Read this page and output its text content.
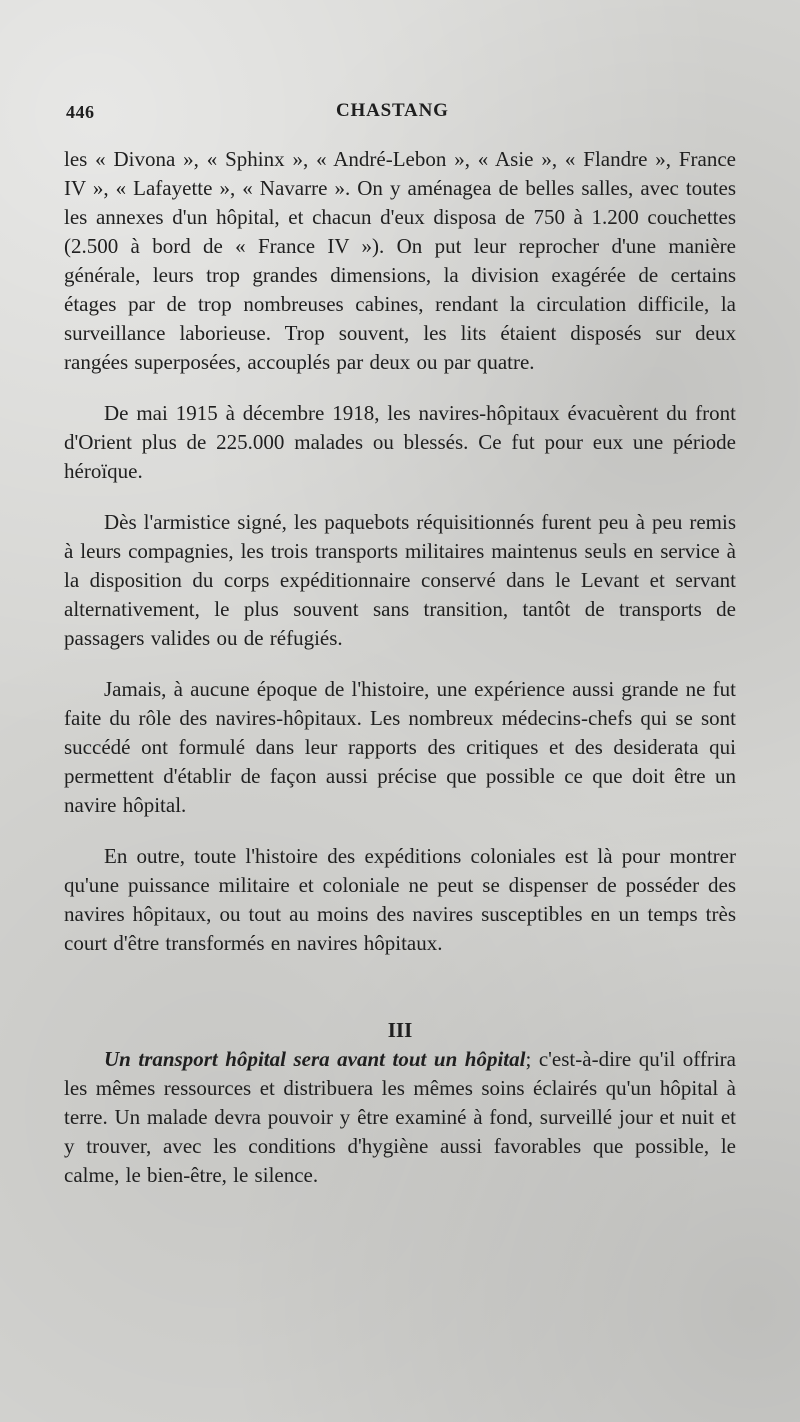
446	CHASTANG

les « Divona », « Sphinx », « André-Lebon », « Asie », « Flandre », France IV », « Lafayette », « Navarre ». On y aménagea de belles salles, avec toutes les annexes d'un hôpital, et chacun d'eux disposa de 750 à 1.200 couchettes (2.500 à bord de « France IV »). On put leur reprocher d'une manière générale, leurs trop grandes dimensions, la division exagérée de certains étages par de trop nombreuses cabines, rendant la circulation difficile, la surveillance laborieuse. Trop souvent, les lits étaient disposés sur deux rangées superposées, accouplés par deux ou par quatre.

De mai 1915 à décembre 1918, les navires-hôpitaux évacuèrent du front d'Orient plus de 225.000 malades ou blessés. Ce fut pour eux une période héroïque.

Dès l'armistice signé, les paquebots réquisitionnés furent peu à peu remis à leurs compagnies, les trois transports militaires maintenus seuls en service à la disposition du corps expéditionnaire conservé dans le Levant et servant alternativement, le plus souvent sans transition, tantôt de transports de passagers valides ou de réfugiés.

Jamais, à aucune époque de l'histoire, une expérience aussi grande ne fut faite du rôle des navires-hôpitaux. Les nombreux médecins-chefs qui se sont succédé ont formulé dans leur rapports des critiques et des desiderata qui permettent d'établir de façon aussi précise que possible ce que doit être un navire hôpital.

En outre, toute l'histoire des expéditions coloniales est là pour montrer qu'une puissance militaire et coloniale ne peut se dispenser de posséder des navires hôpitaux, ou tout au moins des navires susceptibles en un temps très court d'être transformés en navires hôpitaux.

III

Un transport hôpital sera avant tout un hôpital; c'est-à-dire qu'il offrira les mêmes ressources et distribuera les mêmes soins éclairés qu'un hôpital à terre. Un malade devra pouvoir y être examiné à fond, surveillé jour et nuit et y trouver, avec les conditions d'hygiène aussi favorables que possible, le calme, le bien-être, le silence.
